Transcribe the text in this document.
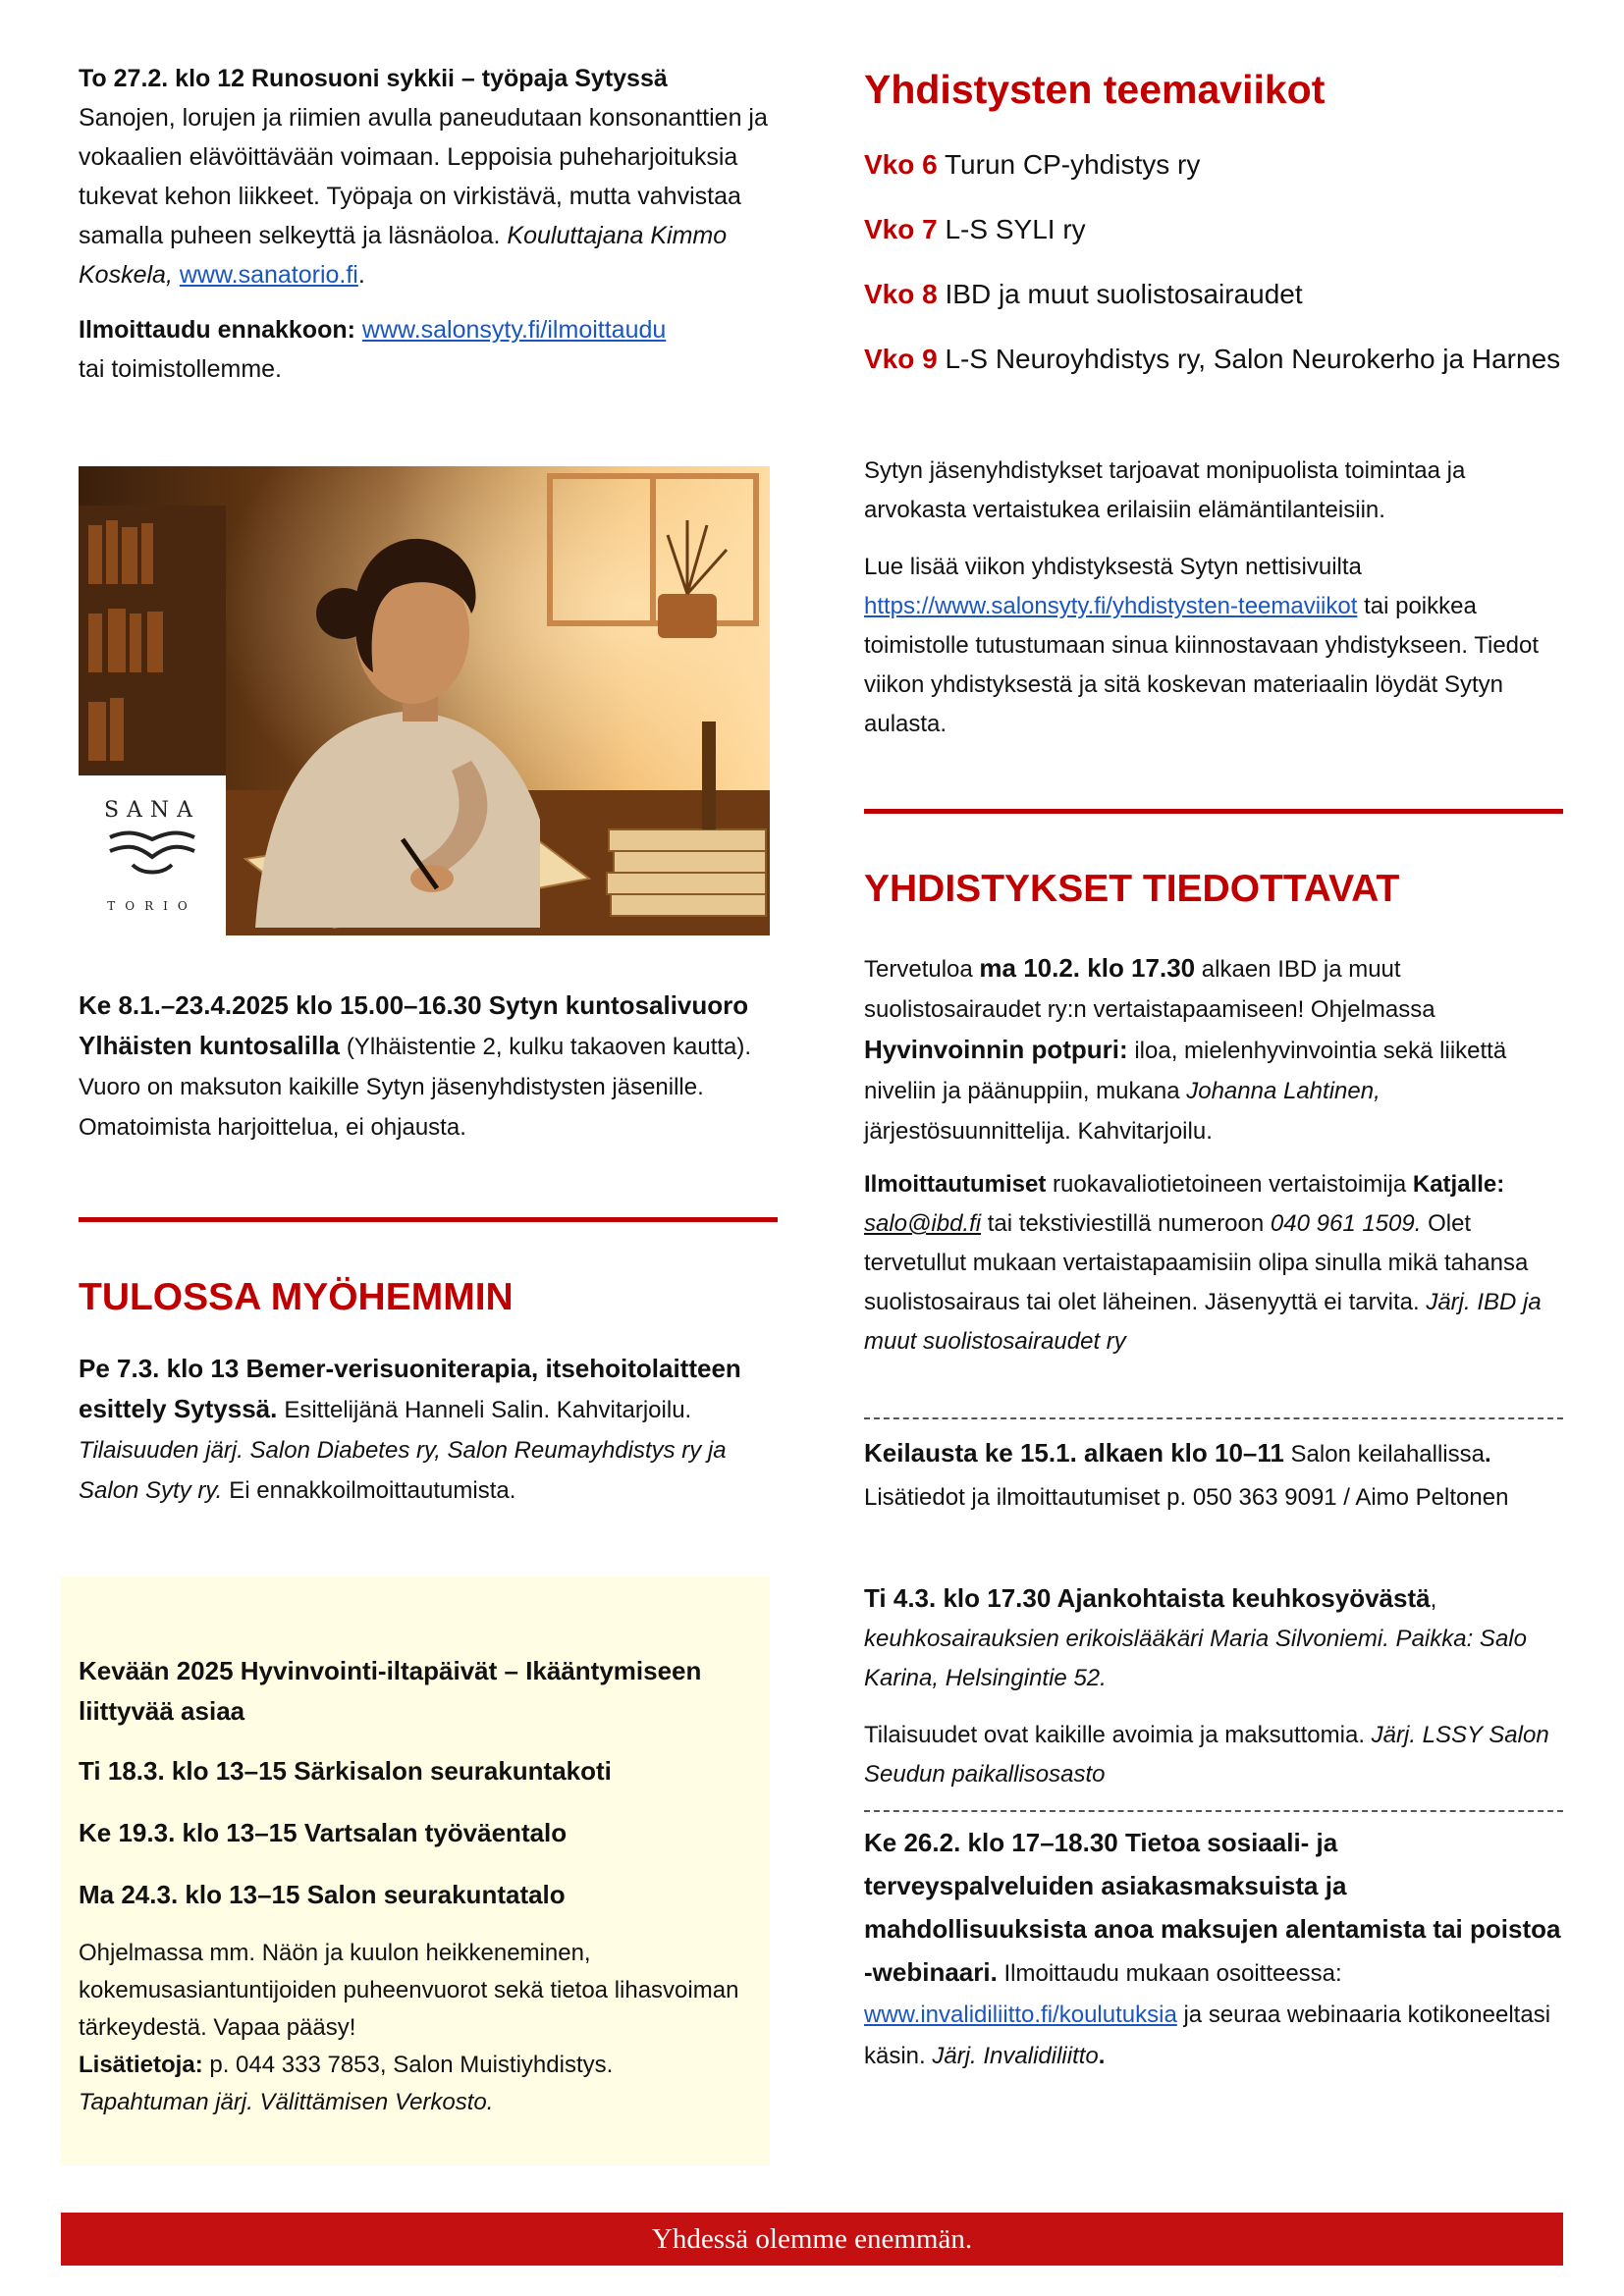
To 27.2. klo 12 Runosuoni sykkii – työpaja Sytyssä
Sanojen, lorujen ja riimien avulla paneudutaan konsonanttien ja vokaalien elävöittävään voimaan. Leppoisia puheharjoituksia tukevat kehon liikkeet. Työpaja on virkistävä, mutta vahvistaa samalla puheen selkeyttä ja läsnäoloa. Kouluttajana Kimmo Koskela, www.sanatorio.fi.

Ilmoittaudu ennakkoon: www.salonsyty.fi/ilmoittaudu
tai toimistollemme.

SANA
TORIO

Ke 8.1.–23.4.2025 klo 15.00–16.30 Sytyn kuntosalivuoro Ylhäisten kuntosalilla (Ylhäistentie 2, kulku takaoven kautta). Vuoro on maksuton kaikille Sytyn jäsenyhdistysten jäsenille. Omatoimista harjoittelua, ei ohjausta.

TULOSSA MYÖHEMMIN

Pe 7.3. klo 13 Bemer-verisuoniterapia, itsehoitolaitteen esittely Sytyssä. Esittelijänä Hanneli Salin. Kahvitarjoilu. Tilaisuuden järj. Salon Diabetes ry, Salon Reumayhdistys ry ja Salon Syty ry. Ei ennakkoilmoittautumista.

Kevään 2025 Hyvinvointi-iltapäivät – Ikääntymiseen liittyvää asiaa

Ti 18.3. klo 13–15 Särkisalon seurakuntakoti

Ke 19.3. klo 13–15 Vartsalan työväentalo

Ma 24.3. klo 13–15 Salon seurakuntatalo

Ohjelmassa mm. Näön ja kuulon heikkeneminen, kokemusasiantuntijoiden puheenvuorot sekä tietoa lihasvoiman tärkeydestä. Vapaa pääsy!
Lisätietoja: p. 044 333 7853, Salon Muistiyhdistys.
Tapahtuman järj. Välittämisen Verkosto.

Yhdistysten teemaviikot

Vko 6 Turun CP-yhdistys ry

Vko 7 L-S SYLI ry

Vko 8 IBD ja muut suolistosairaudet

Vko 9 L-S Neuroyhdistys ry, Salon Neurokerho ja Harnes

Sytyn jäsenyhdistykset tarjoavat monipuolista toimintaa ja arvokasta vertaistukea erilaisiin elämäntilanteisiin.

Lue lisää viikon yhdistyksestä Sytyn nettisivuilta https://www.salonsyty.fi/yhdistysten-teemaviikot tai poikkea toimistolle tutustumaan sinua kiinnostavaan yhdistykseen. Tiedot viikon yhdistyksestä ja sitä koskevan materiaalin löydät Sytyn aulasta.

YHDISTYKSET TIEDOTTAVAT

Tervetuloa ma 10.2. klo 17.30 alkaen IBD ja muut suolistosairaudet ry:n vertaistapaamiseen! Ohjelmassa Hyvinvoinnin potpuri: iloa, mielenhyvinvointia sekä liikettä niveliin ja päänuppiin, mukana Johanna Lahtinen, järjestösuunnittelija. Kahvitarjoilu.

Ilmoittautumiset ruokavaliotietoineen vertaistoimija Katjalle: salo@ibd.fi tai tekstiviestillä numeroon 040 961 1509. Olet tervetullut mukaan vertaistapaamisiin olipa sinulla mikä tahansa suolistosairaus tai olet läheinen. Jäsenyyttä ei tarvita. Järj. IBD ja muut suolistosairaudet ry

Keilausta ke 15.1. alkaen klo 10–11 Salon keilahallissa. Lisätiedot ja ilmoittautumiset p. 050 363 9091 / Aimo Peltonen

Ti 4.3. klo 17.30 Ajankohtaista keuhkosyövästä, keuhkosairauksien erikoislääkäri Maria Silvoniemi. Paikka: Salo Karina, Helsingintie 52.

Tilaisuudet ovat kaikille avoimia ja maksuttomia. Järj. LSSY Salon Seudun paikallisosasto

Ke 26.2. klo 17–18.30 Tietoa sosiaali- ja terveyspalveluiden asiakasmaksuista ja mahdollisuuksista anoa maksujen alentamista tai poistoa -webinaari. Ilmoittaudu mukaan osoitteessa: www.invalidiliitto.fi/koulutuksia ja seuraa webinaaria kotikoneeltasi käsin. Järj. Invalidiliitto.

Yhdessä olemme enemmän.
